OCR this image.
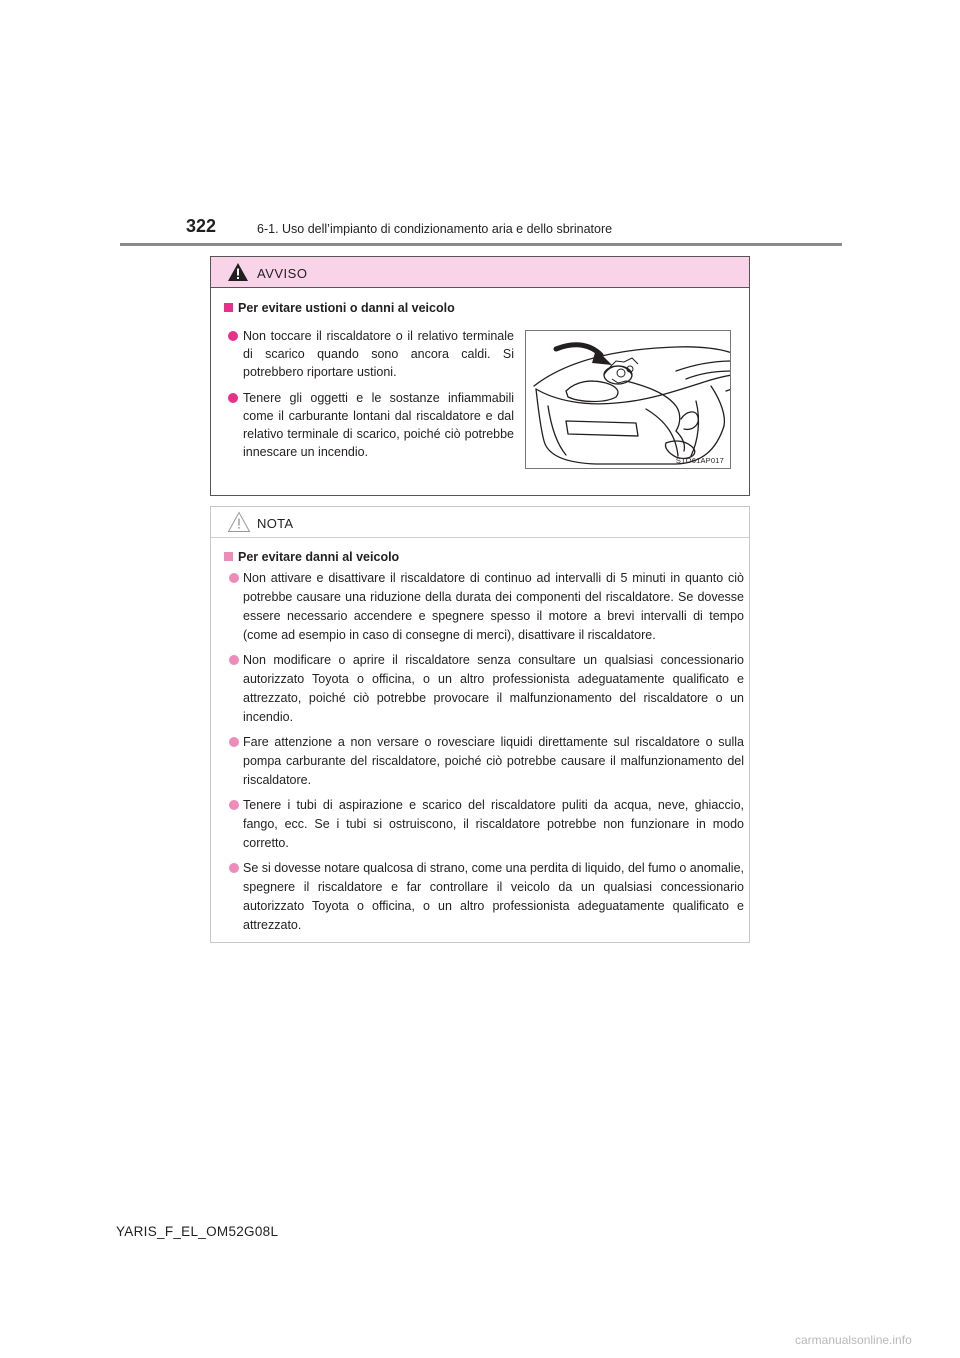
322	6-1. Uso dell’impianto di condizionamento aria e dello sbrinatore
AVVISO
Per evitare ustioni o danni al veicolo
Non toccare il riscaldatore o il relativo terminale di scarico quando sono ancora caldi. Si potrebbero riportare ustioni.
Tenere gli oggetti e le sostanze infiammabili come il carburante lontani dal riscaldatore e dal relativo terminale di scarico, poiché ciò potrebbe innescare un incendio.
STO61AP017
NOTA
Per evitare danni al veicolo
Non attivare e disattivare il riscaldatore di continuo ad intervalli di 5 minuti in quanto ciò potrebbe causare una riduzione della durata dei componenti del riscaldatore. Se dovesse essere necessario accendere e spegnere spesso il motore a brevi intervalli di tempo (come ad esempio in caso di consegne di merci), disattivare il riscaldatore.
Non modificare o aprire il riscaldatore senza consultare un qualsiasi concessionario autorizzato Toyota o officina, o un altro professionista adeguatamente qualificato e attrezzato, poiché ciò potrebbe provocare il malfunzionamento del riscaldatore o un incendio.
Fare attenzione a non versare o rovesciare liquidi direttamente sul riscaldatore o sulla pompa carburante del riscaldatore, poiché ciò potrebbe causare il malfunzionamento del riscaldatore.
Tenere i tubi di aspirazione e scarico del riscaldatore puliti da acqua, neve, ghiaccio, fango, ecc. Se i tubi si ostruiscono, il riscaldatore potrebbe non funzionare in modo corretto.
Se si dovesse notare qualcosa di strano, come una perdita di liquido, del fumo o anomalie, spegnere il riscaldatore e far controllare il veicolo da un qualsiasi concessionario autorizzato Toyota o officina, o un altro professionista adeguatamente qualificato e attrezzato.
YARIS_F_EL_OM52G08L
carmanualsonline.info
